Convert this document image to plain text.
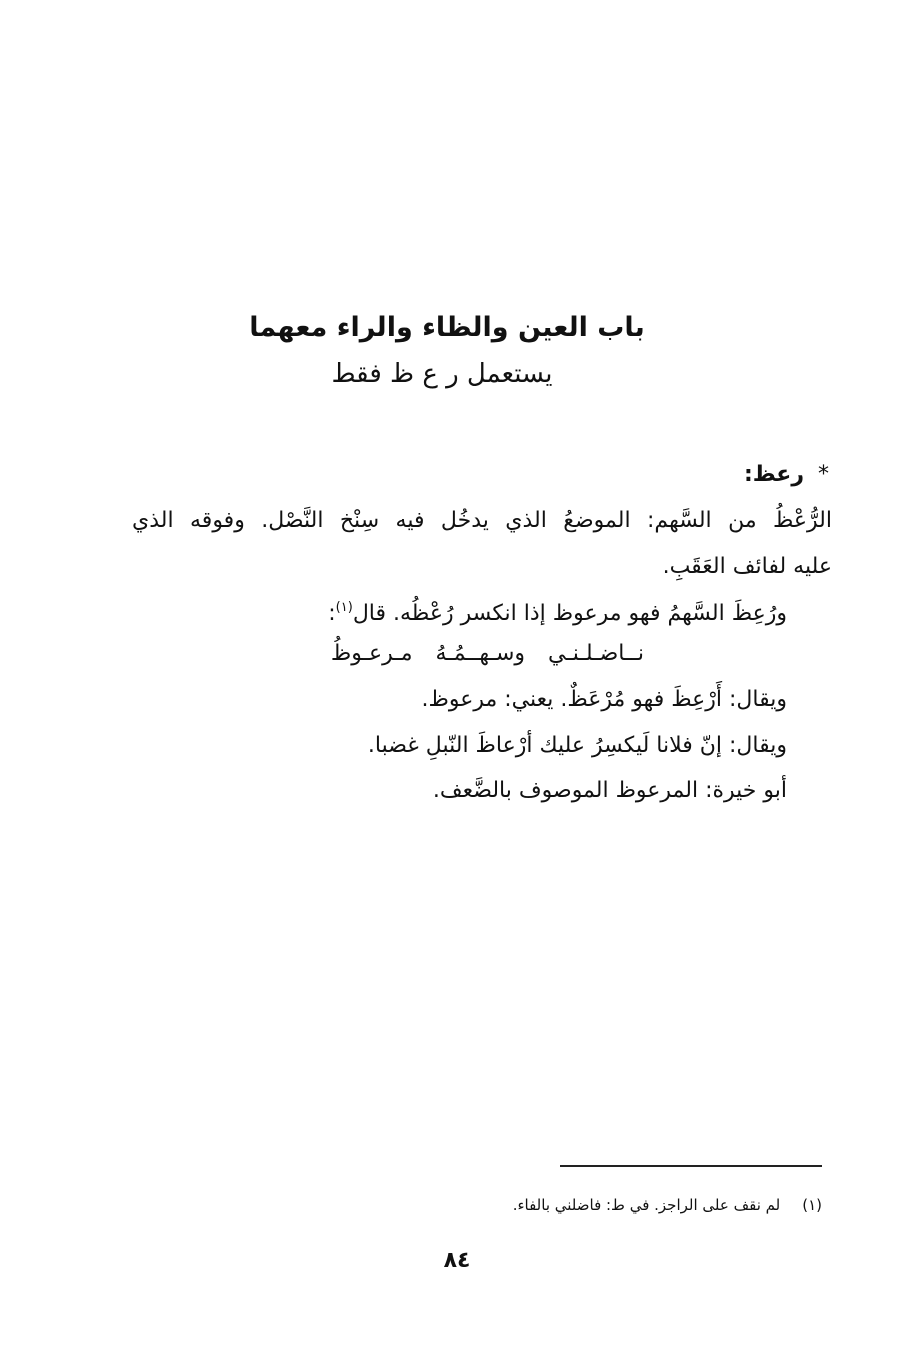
باب العين والظاء والراء معهما
يستعمل ر ع ظ فقط
*رعظ:
الرُّعْظُ من السَّهم: الموضعُ الذي يدخُل فيه سِنْخ النَّصْل. وفوقه الذي
عليه لفائف العَقَبِ.
ورُعِظَ السَّهمُ فهو مرعوظ إذا انكسر رُعْظُه. قال$^{(١)}$:
نــاضـلـنـي وسـهــمُـهُ مـرعـوظُ
ويقال: أَرْعِظَ فهو مُرْعَظٌ. يعني: مرعوظ.
ويقال: إنّ فلانا لَيكسِرُ عليك أرْعاظَ النّبلِ غضبا.
أبو خيرة: المرعوظ الموصوف بالضَّعف.
(١)لم نقف على الراجز. في ط: فاضلني بالفاء.
٨٤
